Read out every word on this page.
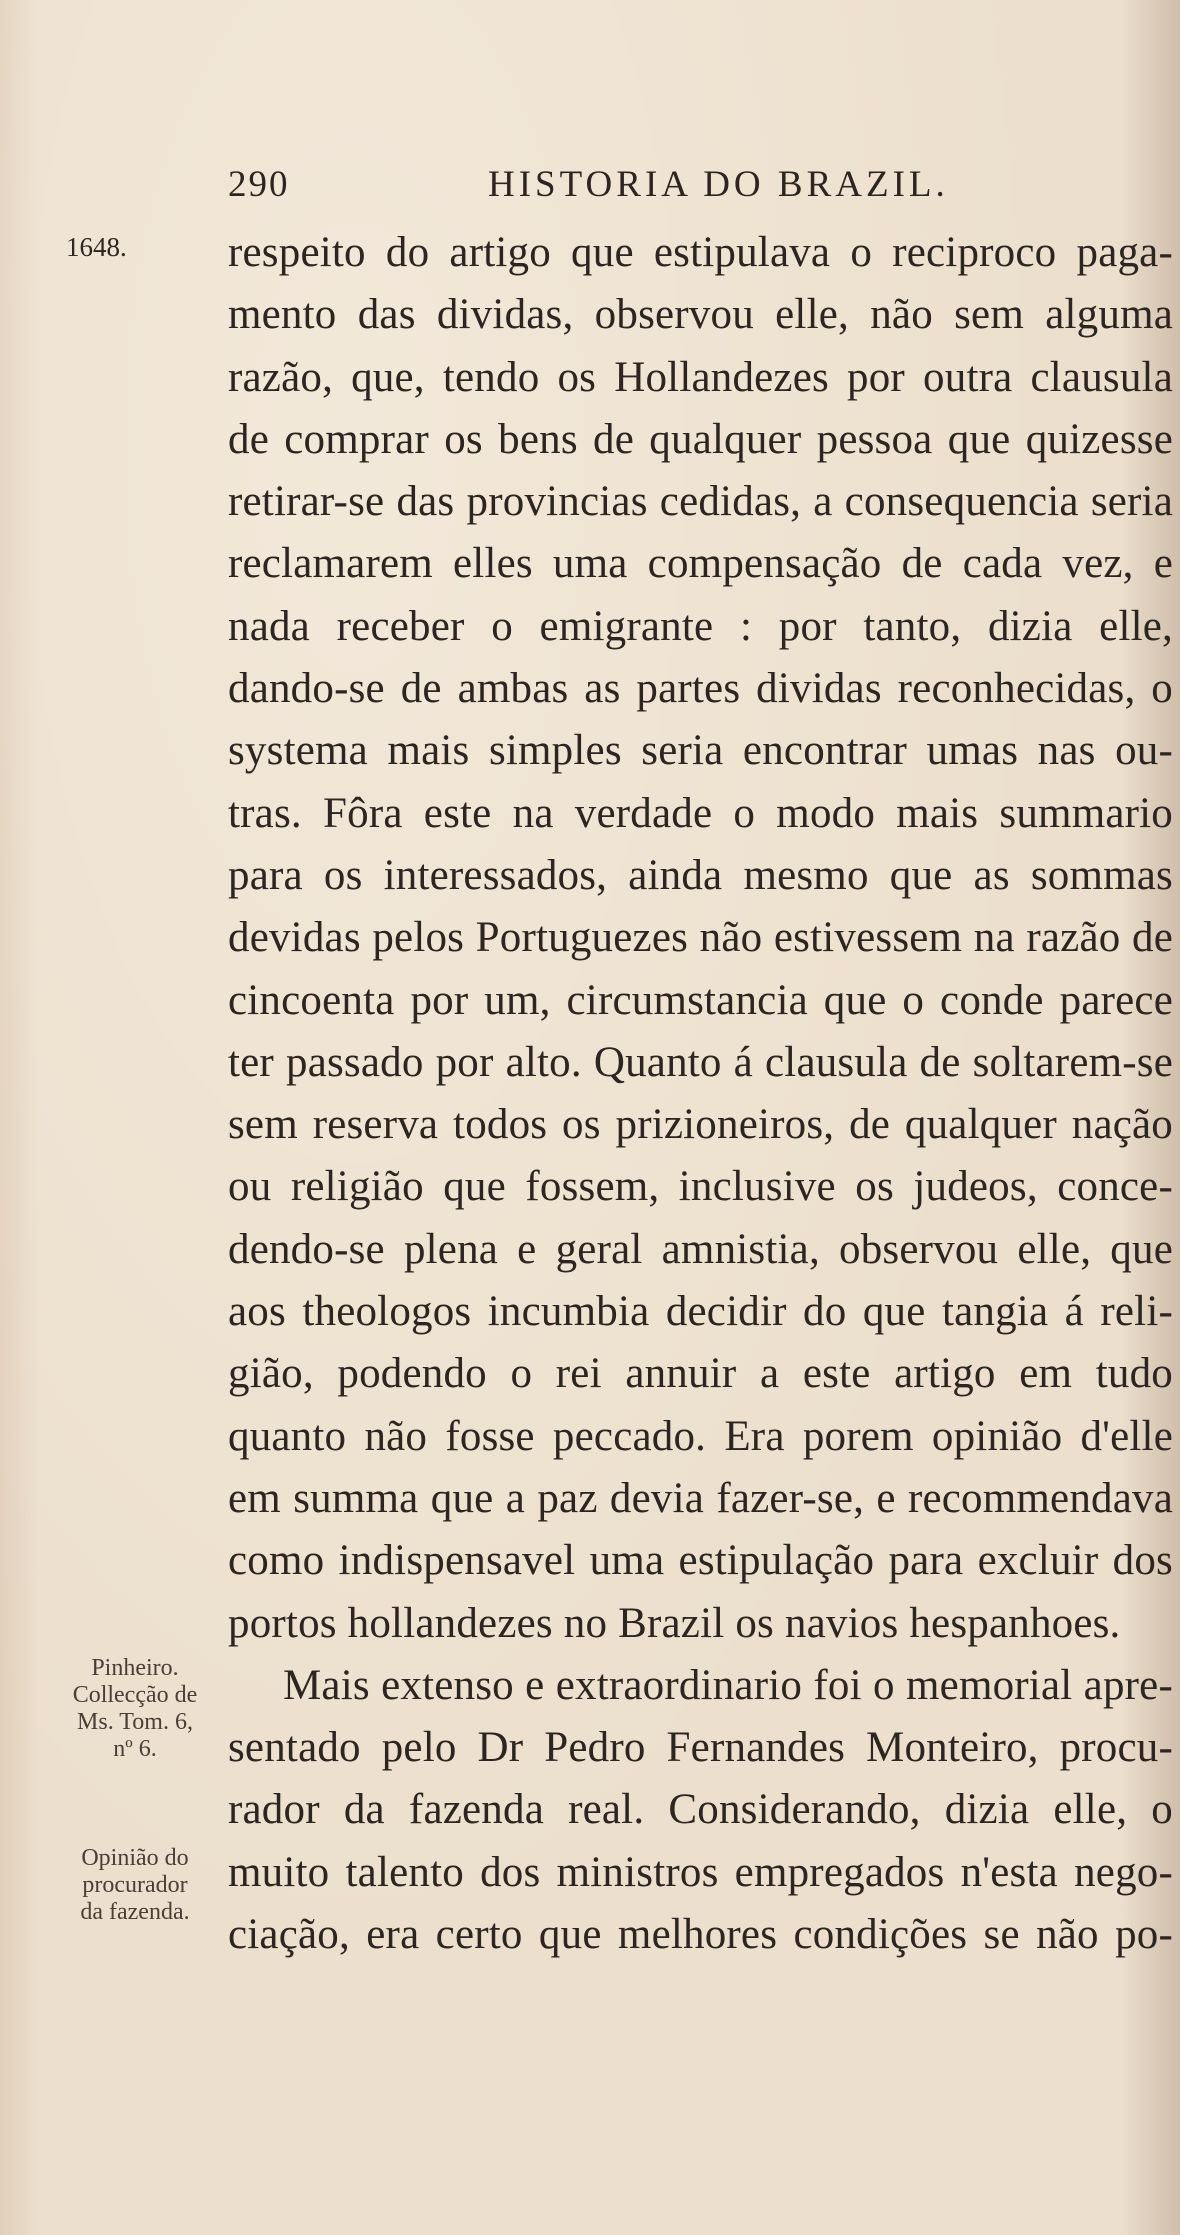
290	HISTORIA DO BRAZIL.
1648. respeito do artigo que estipulava o reciproco paga-
mento das dividas, observou elle, não sem alguma
razão, que, tendo os Hollandezes por outra clausula
de comprar os bens de qualquer pessoa que quizesse
retirar-se das provincias cedidas, a consequencia seria
reclamarem elles uma compensação de cada vez, e
nada receber o emigrante : por tanto, dizia elle,
dando-se de ambas as partes dividas reconhecidas, o
systema mais simples seria encontrar umas nas ou-
tras. Fôra este na verdade o modo mais summario
para os interessados, ainda mesmo que as sommas
devidas pelos Portuguezes não estivessem na razão de
cincoenta por um, circumstancia que o conde parece
ter passado por alto. Quanto á clausula de soltarem-se
sem reserva todos os prizioneiros, de qualquer nação
ou religião que fossem, inclusive os judeos, conce-
dendo-se plena e geral amnistia, observou elle, que
aos theologos incumbia decidir do que tangia á reli-
gião, podendo o rei annuir a este artigo em tudo
quanto não fosse peccado. Era porem opinião d'elle
em summa que a paz devia fazer-se, e recommendava
como indispensavel uma estipulação para excluir dos
portos hollandezes no Brazil os navios hespanhoes.
Mais extenso e extraordinario foi o memorial apre-
sentado pelo Dr Pedro Fernandes Monteiro, procu-
rador da fazenda real. Considerando, dizia elle, o
muito talento dos ministros empregados n'esta nego-
ciação, era certo que melhores condições se não po-
Pinheiro.
Collecção de
Ms. Tom. 6,
nº 6.
Opinião do
procurador
da fazenda.
